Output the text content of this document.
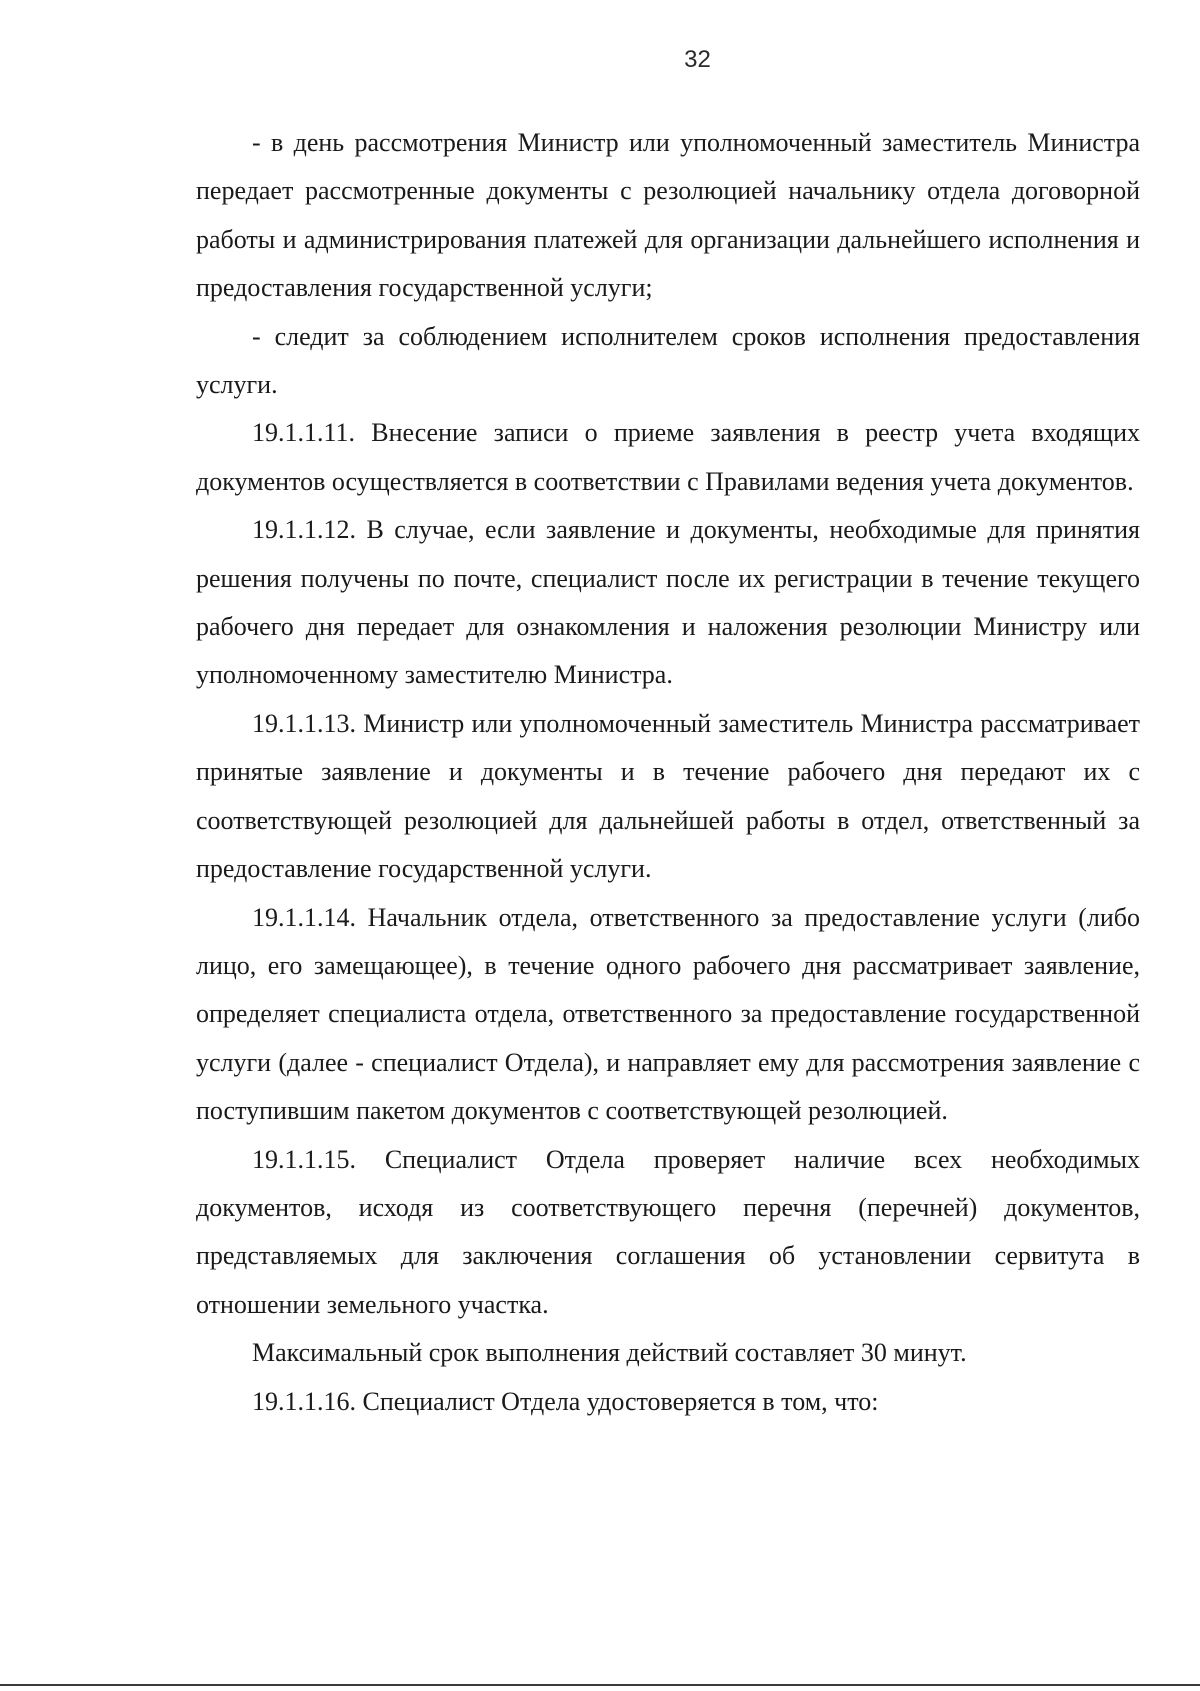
32

- в день рассмотрения Министр или уполномоченный заместитель Министра передает рассмотренные документы с резолюцией начальнику отдела договорной работы и администрирования платежей для организации дальнейшего исполнения и предоставления государственной услуги;

- следит за соблюдением исполнителем сроков исполнения предоставления услуги.

19.1.1.11. Внесение записи о приеме заявления в реестр учета входящих документов осуществляется в соответствии с Правилами ведения учета документов.

19.1.1.12. В случае, если заявление и документы, необходимые для принятия решения получены по почте, специалист после их регистрации в течение текущего рабочего дня передает для ознакомления и наложения резолюции Министру или уполномоченному заместителю Министра.

19.1.1.13. Министр или уполномоченный заместитель Министра рассматривает принятые заявление и документы и в течение рабочего дня передают их с соответствующей резолюцией для дальнейшей работы в отдел, ответственный за предоставление государственной услуги.

19.1.1.14. Начальник отдела, ответственного за предоставление услуги (либо лицо, его замещающее), в течение одного рабочего дня рассматривает заявление, определяет специалиста отдела, ответственного за предоставление государственной услуги (далее - специалист Отдела), и направляет ему для рассмотрения заявление с поступившим пакетом документов с соответствующей резолюцией.

19.1.1.15. Специалист Отдела проверяет наличие всех необходимых документов, исходя из соответствующего перечня (перечней) документов, представляемых для заключения соглашения об установлении сервитута в отношении земельного участка.

Максимальный срок выполнения действий составляет 30 минут.

19.1.1.16. Специалист Отдела удостоверяется в том, что:
